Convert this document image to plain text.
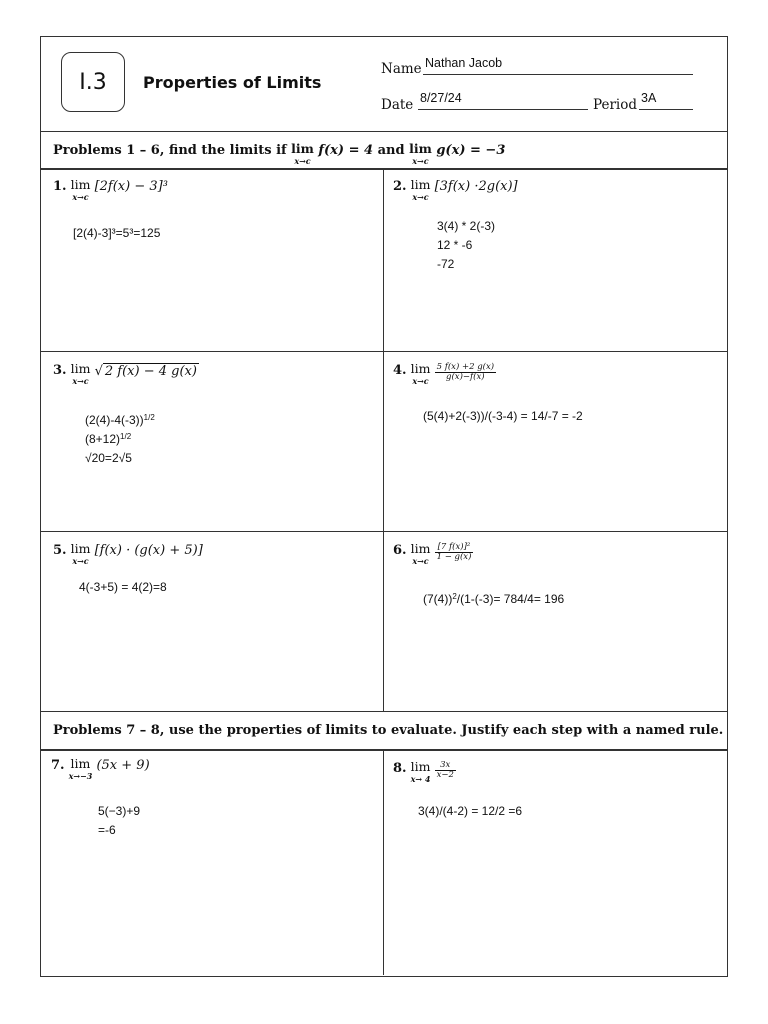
I.3 Properties of Limits
Name Nathan Jacob
Date 8/27/24	Period 3A
Problems 1 – 6, find the limits if lim
x→c
f(x) = 4 and lim
x→c
g(x) = −3
1. lim
x→c
[2f(x) − 3]³
[2(4)-3]³=5³=125
2. lim
x→c
[3f(x) ·2g(x)]
3(4) * 2(-3)
12 * -6
-72
3. lim
x→c
√ 2 f(x) − 4 g(x)
$(2(4)-4(-3))^{1/2}$
$(8+12)^{1/2}$
√20=2√5
4. lim
x→c
$\frac{5 f(x) +2 g(x)}{g(x)-f(x)}$
(5(4)+2(-3))/(-3-4) = 14/-7 = -2
5. lim
x→c
[f(x) · (g(x) + 5)]
4(-3+5) = 4(2)=8
6. lim
x→c
$\frac{\text{[7 f(x)]²}}{1 - g(x)}$
$(7(4))^2/(1-(-3)= 784/4= 196$
Problems 7 – 8, use the properties of limits to evaluate. Justify each step with a named rule.
7. lim
x→−3
(5x + 9)
5(−3)+9
=-6
8. lim
x→ 4
$\frac{3x}{x-2}$
3(4)/(4-2) = 12/2 =6
